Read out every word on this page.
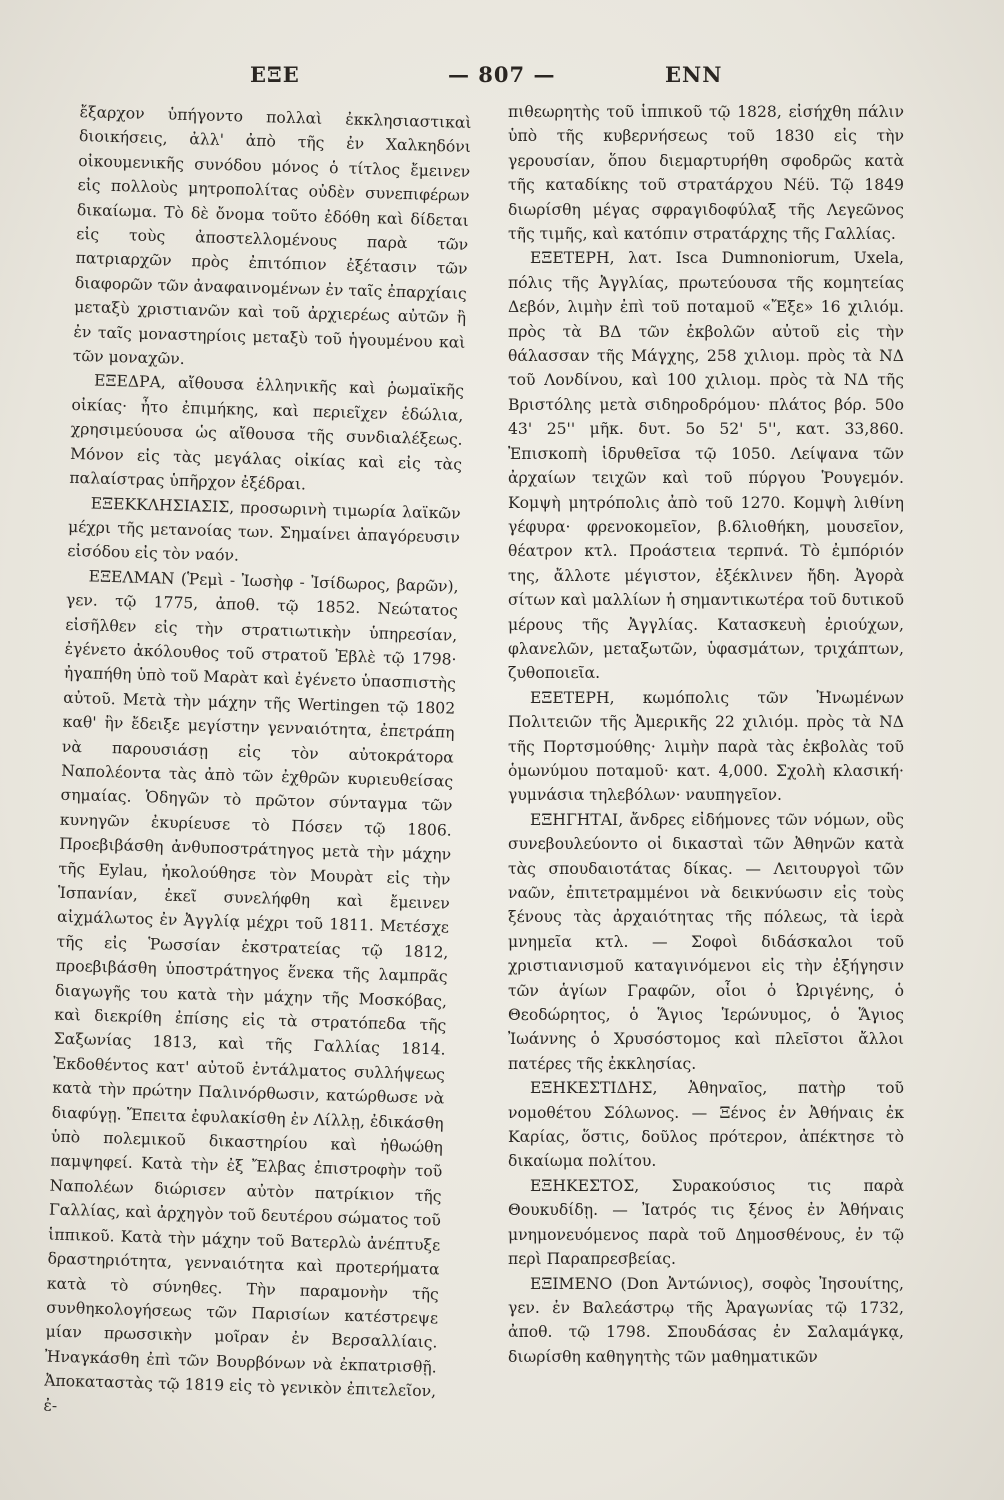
ΕΞΕ	— 807 —	ΕΝΝ

ἔξαρχον ὑπήγοντο πολλαὶ ἐκκλησιαστικαὶ διοικήσεις, ἀλλ' ἀπὸ τῆς ἐν Χαλκηδόνι οἰκουμενικῆς συνόδου μόνος ὁ τίτλος ἔμεινεν εἰς πολλοὺς μητροπολίτας οὐδὲν συνεπιφέρων δικαίωμα. Τὸ δὲ ὄνομα τοῦτο ἐδόθη καὶ δίδεται εἰς τοὺς ἀποστελλομένους παρὰ τῶν πατριαρχῶν πρὸς ἐπιτόπιον ἐξέτασιν τῶν διαφορῶν τῶν ἀναφαινομένων ἐν ταῖς ἐπαρχίαις μεταξὺ χριστιανῶν καὶ τοῦ ἀρχιερέως αὐτῶν ἢ ἐν ταῖς μοναστηρίοις μεταξὺ τοῦ ἡγουμένου καὶ τῶν μοναχῶν.

ΕΞΕΔΡΑ, αἴθουσα ἑλληνικῆς καὶ ῥωμαϊκῆς οἰκίας· ἦτο ἐπιμήκης, καὶ περιεῖχεν ἑδώλια, χρησιμεύουσα ὡς αἴθουσα τῆς συνδιαλέξεως. Μόνον εἰς τὰς μεγάλας οἰκίας καὶ εἰς τὰς παλαίστρας ὑπῆρχον ἐξέδραι.

ΕΞΕΚΚΛΗΣΙΑΣΙΣ, προσωρινὴ τιμωρία λαϊκῶν μέχρι τῆς μετανοίας των. Σημαίνει ἀπαγόρευσιν εἰσόδου εἰς τὸν ναόν.

ΕΞΕΛΜΑΝ (Ῥεμὶ - Ἰωσὴφ - Ἰσίδωρος, βαρῶν), γεν. τῷ 1775, ἀποθ. τῷ 1852. Νεώτατος εἰσῆλθεν εἰς τὴν στρατιωτικὴν ὑπηρεσίαν, ἐγένετο ἀκόλουθος τοῦ στρατοῦ Ἐβλὲ τῷ 1798· ἠγαπήθη ὑπὸ τοῦ Μαρὰτ καὶ ἐγένετο ὑπασπιστὴς αὐτοῦ. Μετὰ τὴν μάχην τῆς Wertingen τῷ 1802 καθ' ἣν ἔδειξε μεγίστην γενναιότητα, ἐπετράπη νὰ παρουσιάσῃ εἰς τὸν αὐτοκράτορα Ναπολέοντα τὰς ἀπὸ τῶν ἐχθρῶν κυριευθείσας σημαίας. Ὁδηγῶν τὸ πρῶτον σύνταγμα τῶν κυνηγῶν ἐκυρίευσε τὸ Πόσεν τῷ 1806. Προεβιβάσθη ἀνθυποστράτηγος μετὰ τὴν μάχην τῆς Eylau, ἠκολούθησε τὸν Μουρὰτ εἰς τὴν Ἱσπανίαν, ἐκεῖ συνελήφθη καὶ ἔμεινεν αἰχμάλωτος ἐν Ἀγγλίᾳ μέχρι τοῦ 1811. Μετέσχε τῆς εἰς Ῥωσσίαν ἐκστρατείας τῷ 1812, προεβιβάσθη ὑποστράτηγος ἕνεκα τῆς λαμπρᾶς διαγωγῆς του κατὰ τὴν μάχην τῆς Μοσκόβας, καὶ διεκρίθη ἐπίσης εἰς τὰ στρατόπεδα τῆς Σαξωνίας 1813, καὶ τῆς Γαλλίας 1814. Ἐκδοθέντος κατ' αὐτοῦ ἐντάλματος συλλήψεως κατὰ τὴν πρώτην Παλινόρθωσιν, κατώρθωσε νὰ διαφύγῃ. Ἔπειτα ἐφυλακίσθη ἐν Λίλλῃ, ἐδικάσθη ὑπὸ πολεμικοῦ δικαστηρίου καὶ ἠθωώθη παμψηφεί. Κατὰ τὴν ἐξ Ἔλβας ἐπιστροφὴν τοῦ Ναπολέων διώρισεν αὐτὸν πατρίκιον τῆς Γαλλίας, καὶ ἀρχηγὸν τοῦ δευτέρου σώματος τοῦ ἱππικοῦ. Κατὰ τὴν μάχην τοῦ Βατερλὼ ἀνέπτυξε δραστηριότητα, γενναιότητα καὶ προτερήματα κατὰ τὸ σύνηθες. Τὴν παραμονὴν τῆς συνθηκολογήσεως τῶν Παρισίων κατέστρεψε μίαν πρωσσικὴν μοῖραν ἐν Βερσαλλίαις. Ἠναγκάσθη ἐπὶ τῶν Βουρβόνων νὰ ἐκπατρισθῇ. Ἀποκαταστὰς τῷ 1819 εἰς τὸ γενικὸν ἐπιτελεῖον, ἐ-

πιθεωρητὴς τοῦ ἱππικοῦ τῷ 1828, εἰσήχθη πάλιν ὑπὸ τῆς κυβερνήσεως τοῦ 1830 εἰς τὴν γερουσίαν, ὅπου διεμαρτυρήθη σφοδρῶς κατὰ τῆς καταδίκης τοῦ στρατάρχου Νέϋ. Τῷ 1849 διωρίσθη μέγας σφραγιδοφύλαξ τῆς Λεγεῶνος τῆς τιμῆς, καὶ κατόπιν στρατάρχης τῆς Γαλλίας.

ΕΞΕΤΕΡΗ, λατ. Isca Dumnoniorum, Uxela, πόλις τῆς Ἀγγλίας, πρωτεύουσα τῆς κομητείας Δεβόν, λιμὴν ἐπὶ τοῦ ποταμοῦ «Ἔξε» 16 χιλιόμ. πρὸς τὰ ΒΔ τῶν ἐκβολῶν αὐτοῦ εἰς τὴν θάλασσαν τῆς Μάγχης, 258 χιλιομ. πρὸς τὰ ΝΔ τοῦ Λονδίνου, καὶ 100 χιλιομ. πρὸς τὰ ΝΔ τῆς Βριστόλης μετὰ σιδηροδρόμου· πλάτος βόρ. 50ο 43' 25'' μῆκ. δυτ. 5ο 52' 5'', κατ. 33,860. Ἐπισκοπὴ ἱδρυθεῖσα τῷ 1050. Λείψανα τῶν ἀρχαίων τειχῶν καὶ τοῦ πύργου Ῥουγεμόν. Κομψὴ μητρόπολις ἀπὸ τοῦ 1270. Κομψὴ λιθίνη γέφυρα· φρενοκομεῖον, β.6λιοθήκη, μουσεῖον, θέατρον κτλ. Προάστεια τερπνά. Τὸ ἐμπόριόν της, ἄλλοτε μέγιστον, ἐξέκλινεν ἤδη. Ἀγορὰ σίτων καὶ μαλλίων ἡ σημαντικωτέρα τοῦ δυτικοῦ μέρους τῆς Ἀγγλίας. Κατασκευὴ ἐριούχων, φλανελῶν, μεταξωτῶν, ὑφασμάτων, τριχάπτων, ζυθοποιεῖα.

ΕΞΕΤΕΡΗ, κωμόπολις τῶν Ἡνωμένων Πολιτειῶν τῆς Ἀμερικῆς 22 χιλιόμ. πρὸς τὰ ΝΔ τῆς Πορτσμούθης· λιμὴν παρὰ τὰς ἐκβολὰς τοῦ ὁμωνύμου ποταμοῦ· κατ. 4,000. Σχολὴ κλασική· γυμνάσια τηλεβόλων· ναυπηγεῖον.

ΕΞΗΓΗΤΑΙ, ἄνδρες εἰδήμονες τῶν νόμων, οὓς συνεβουλεύοντο οἱ δικασταὶ τῶν Ἀθηνῶν κατὰ τὰς σπουδαιοτάτας δίκας. — Λειτουργοὶ τῶν ναῶν, ἐπιτετραμμένοι νὰ δεικνύωσιν εἰς τοὺς ξένους τὰς ἀρχαιότητας τῆς πόλεως, τὰ ἱερὰ μνημεῖα κτλ. — Σοφοὶ διδάσκαλοι τοῦ χριστιανισμοῦ καταγινόμενοι εἰς τὴν ἐξήγησιν τῶν ἁγίων Γραφῶν, οἷοι ὁ Ὠριγένης, ὁ Θεοδώρητος, ὁ Ἅγιος Ἱερώνυμος, ὁ Ἅγιος Ἰωάννης ὁ Χρυσόστομος καὶ πλεῖστοι ἄλλοι πατέρες τῆς ἐκκλησίας.

ΕΞΗΚΕΣΤΙΔΗΣ, Ἀθηναῖος, πατὴρ τοῦ νομοθέτου Σόλωνος. — Ξένος ἐν Ἀθήναις ἐκ Καρίας, ὅστις, δοῦλος πρότερον, ἀπέκτησε τὸ δικαίωμα πολίτου.

ΕΞΗΚΕΣΤΟΣ, Συρακούσιος τις παρὰ Θουκυδίδῃ. — Ἰατρός τις ξένος ἐν Ἀθήναις μνημονευόμενος παρὰ τοῦ Δημοσθένους, ἐν τῷ περὶ Παραπρεσβείας.

ΕΞΙΜΕΝΟ (Don Ἀντώνιος), σοφὸς Ἰησουίτης, γεν. ἐν Βαλεάστρῳ τῆς Ἀραγωνίας τῷ 1732, ἀποθ. τῷ 1798. Σπουδάσας ἐν Σαλαμάγκᾳ, διωρίσθη καθηγητὴς τῶν μαθηματικῶν
